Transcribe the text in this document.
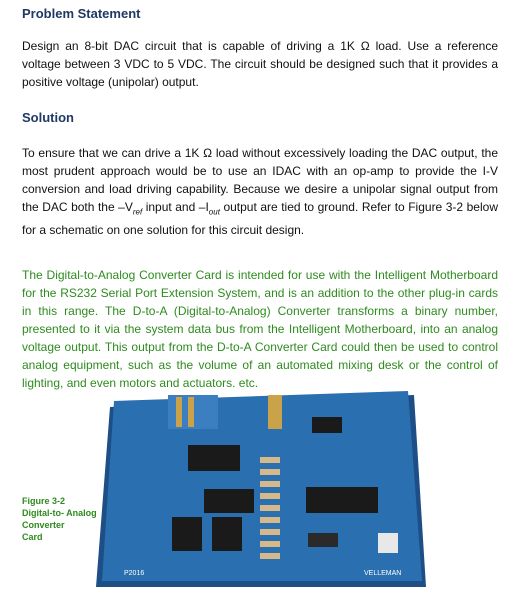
Problem Statement

Design an 8-bit DAC circuit that is capable of driving a 1K Ω load. Use a reference voltage between 3 VDC to 5 VDC. The circuit should be designed such that it provides a positive voltage (unipolar) output.

Solution

To ensure that we can drive a 1K Ω load without excessively loading the DAC output, the most prudent approach would be to use an IDAC with an op-amp to provide the I-V conversion and load driving capability. Because we desire a unipolar signal output from the DAC both the $-V_{ref}$ input and $-I_{out}$ output are tied to ground. Refer to Figure 3-2 below for a schematic on one solution for this circuit design.

The Digital-to-Analog Converter Card is intended for use with the Intelligent Motherboard for the RS232 Serial Port Extension System, and is an addition to the other plug-in cards in this range. The D-to-A (Digital-to-Analog) Converter transforms a binary number, presented to it via the system data bus from the Intelligent Motherboard, into an analog voltage output. This output from the D-to-A Converter Card could then be used to control analog equipment, such as the volume of an automated mixing desk or the control of lighting, and even motors and actuators. etc.

P2016	VELLEMAN
Figure 3-2
Digital-to- Analog
Converter
Card
